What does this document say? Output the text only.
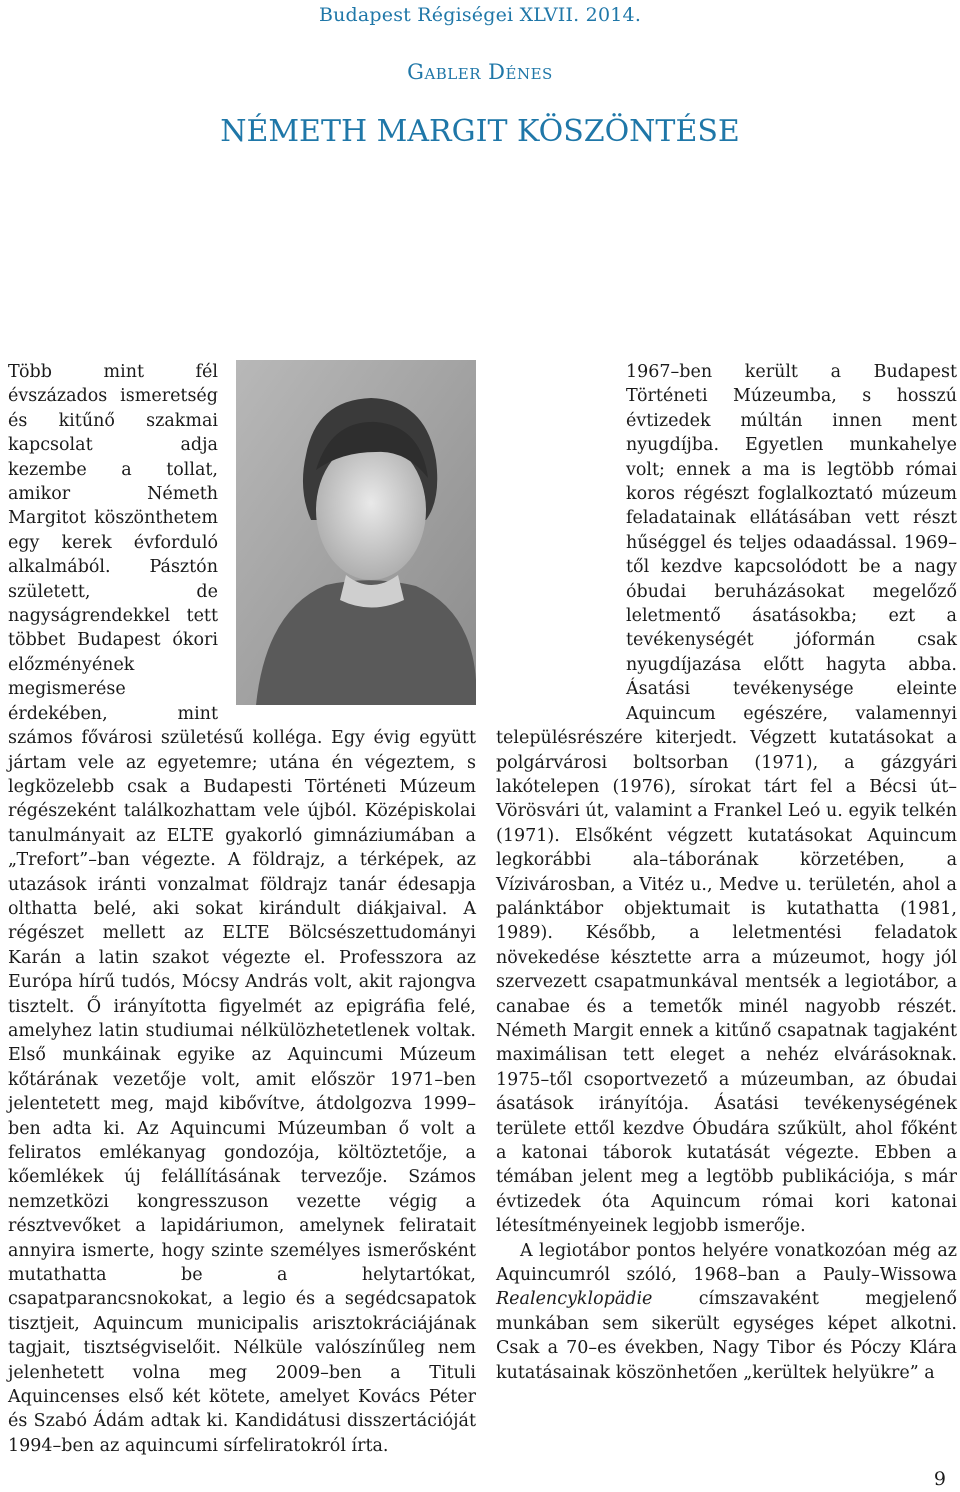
Budapest Régiségei XLVII. 2014.
Gabler Dénes
NÉMETH MARGIT KÖSZÖNTÉSE

Több mint fél évszázados ismeretség és kitűnő szakmai kapcsolat adja kezembe a tollat, amikor Németh Margitot köszönthetem egy kerek évforduló alkalmából. Pásztón született, de nagyságrendekkel tett többet Budapest ókori előzményének megismerése érdekében, mint számos fővárosi születésű kolléga. Egy évig együtt jártam vele az egyetemre; utána én végeztem, s legközelebb csak a Budapesti Történeti Múzeum régészeként találkozhattam vele újból. Középiskolai tanulmányait az ELTE gyakorló gimnáziumában a „Trefort”–ban végezte. A földrajz, a térképek, az utazások iránti vonzalmat földrajz tanár édesapja olthatta belé, aki sokat kirándult diákjaival. A régészet mellett az ELTE Bölcsészettudományi Karán a latin szakot végezte el. Professzora az Európa hírű tudós, Mócsy András volt, akit rajongva tisztelt. Ő irányította figyelmét az epigráfia felé, amelyhez latin studiumai nélkülözhetetlenek voltak. Első munkáinak egyike az Aquincumi Múzeum kőtárának vezetője volt, amit először 1971–ben jelentetett meg, majd kibővítve, átdolgozva 1999–ben adta ki. Az Aquincumi Múzeumban ő volt a feliratos emlékanyag gondozója, költöztetője, a kőemlékek új felállításának tervezője. Számos nemzetközi kongresszuson vezette végig a résztvevőket a lapidáriumon, amelynek feliratait annyira ismerte, hogy szinte személyes ismerősként mutathatta be a helytartókat, csapatparancsnokokat, a legio és a segédcsapatok tisztjeit, Aquincum municipalis arisztokráciájának tagjait, tisztségviselőit. Nélküle valószínűleg nem jelenhetett volna meg 2009–ben a Tituli Aquincenses első két kötete, amelyet Kovács Péter és Szabó Ádám adtak ki. Kandidátusi disszertációját 1994–ben az aquincumi sírfeliratokról írta.

1967–ben került a Budapest Történeti Múzeumba, s hosszú évtizedek múltán innen ment nyugdíjba. Egyetlen munkahelye volt; ennek a ma is legtöbb római koros régészt foglalkoztató múzeum feladatainak ellátásában vett részt hűséggel és teljes odaadással. 1969–től kezdve kapcsolódott be a nagy óbudai beruházásokat megelőző leletmentő ásatásokba; ezt a tevékenységét jóformán csak nyugdíjazása előtt hagyta abba. Ásatási tevékenysége eleinte Aquincum egészére, valamennyi településrészére kiterjedt. Végzett kutatásokat a polgárvárosi boltsorban (1971), a gázgyári lakótelepen (1976), sírokat tárt fel a Bécsi út– Vörösvári út, valamint a Frankel Leó u. egyik telkén (1971). Elsőként végzett kutatásokat Aquincum legkorábbi ala–táborának körzetében, a Vízivárosban, a Vitéz u., Medve u. területén, ahol a palánktábor objektumait is kutathatta (1981, 1989). Később, a leletmentési feladatok növekedése késztette arra a múzeumot, hogy jól szervezett csapatmunkával mentsék a legiotábor, a canabae és a temetők minél nagyobb részét. Németh Margit ennek a kitűnő csapatnak tagjaként maximálisan tett eleget a nehéz elvárásoknak. 1975–től csoportvezető a múzeumban, az óbudai ásatások irányítója. Ásatási tevékenységének területe ettől kezdve Óbudára szűkült, ahol főként a katonai táborok kutatását végezte. Ebben a témában jelent meg a legtöbb publikációja, s már évtizedek óta Aquincum római kori katonai létesítményeinek legjobb ismerője.

A legiotábor pontos helyére vonatkozóan még az Aquincumról szóló, 1968–ban a Pauly–Wissowa Realencyklopädie címszavaként megjelenő munkában sem sikerült egységes képet alkotni. Csak a 70–es években, Nagy Tibor és Póczy Klára kutatásainak köszönhetően „kerültek helyükre” a

9
